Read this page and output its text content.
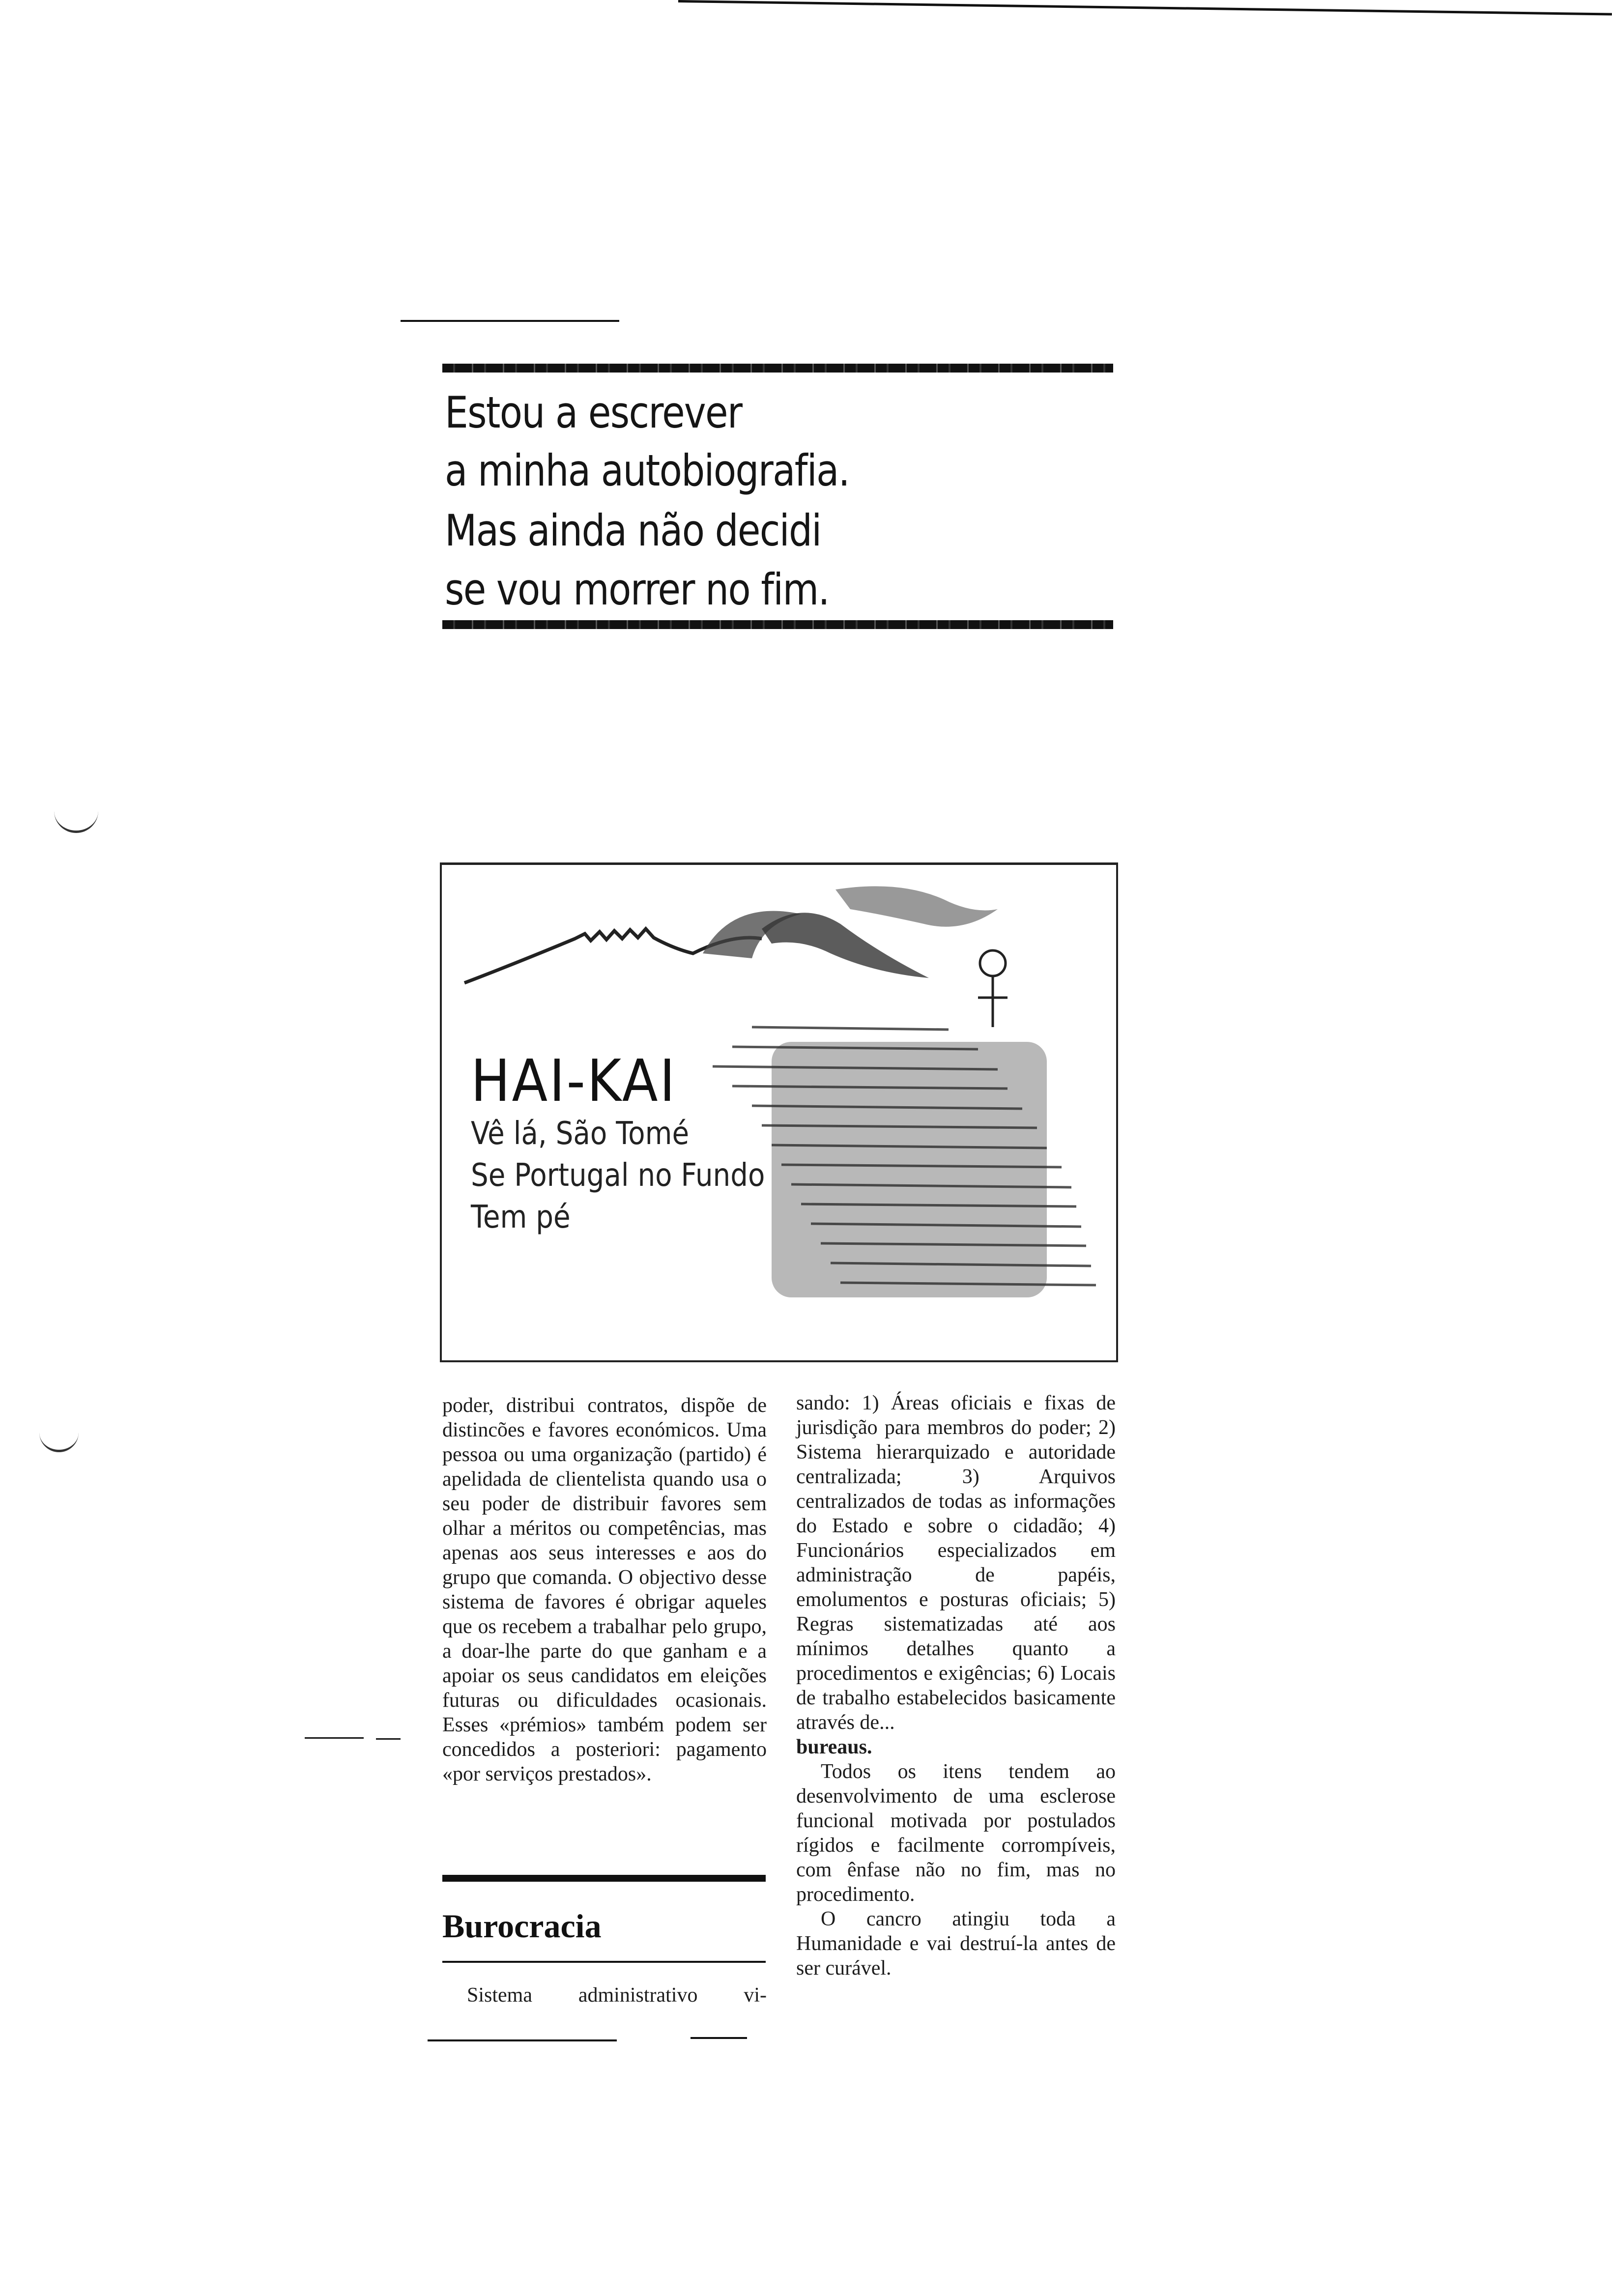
Estou a escrever
a minha autobiografia.
Mas ainda não decidi
se vou morrer no fim.
HAI-KAI
Vê lá, São Tomé
Se Portugal no Fundo
Tem pé

poder, distribui contratos, dispõe de distincões e favores económicos. Uma pessoa ou uma organização (partido) é apelidada de clientelista quando usa o seu poder de distribuir favores sem olhar a méritos ou competências, mas apenas aos seus interesses e aos do grupo que comanda. O objectivo desse sistema de favores é obrigar aqueles que os recebem a trabalhar pelo grupo, a doar-lhe parte do que ganham e a apoiar os seus candidatos em eleições futuras ou dificuldades ocasionais. Esses «prémios» também podem ser concedidos a posteriori: pagamento «por serviços prestados».

Burocracia

Sistema administrativo vi-

sando: 1) Áreas oficiais e fixas de jurisdição para membros do poder; 2) Sistema hierarquizado e autoridade centralizada; 3) Arquivos centralizados de todas as informações do Estado e sobre o cidadão; 4) Funcionários especializados em administração de papéis, emolumentos e posturas oficiais; 5) Regras sistematizadas até aos mínimos detalhes quanto a procedimentos e exigências; 6) Locais de trabalho estabelecidos basicamente através de...

bureaus.

Todos os itens tendem ao desenvolvimento de uma esclerose funcional motivada por postulados rígidos e facilmente corrompíveis, com ênfase não no fim, mas no procedimento.

O cancro atingiu toda a Humanidade e vai destruí-la antes de ser curável.
